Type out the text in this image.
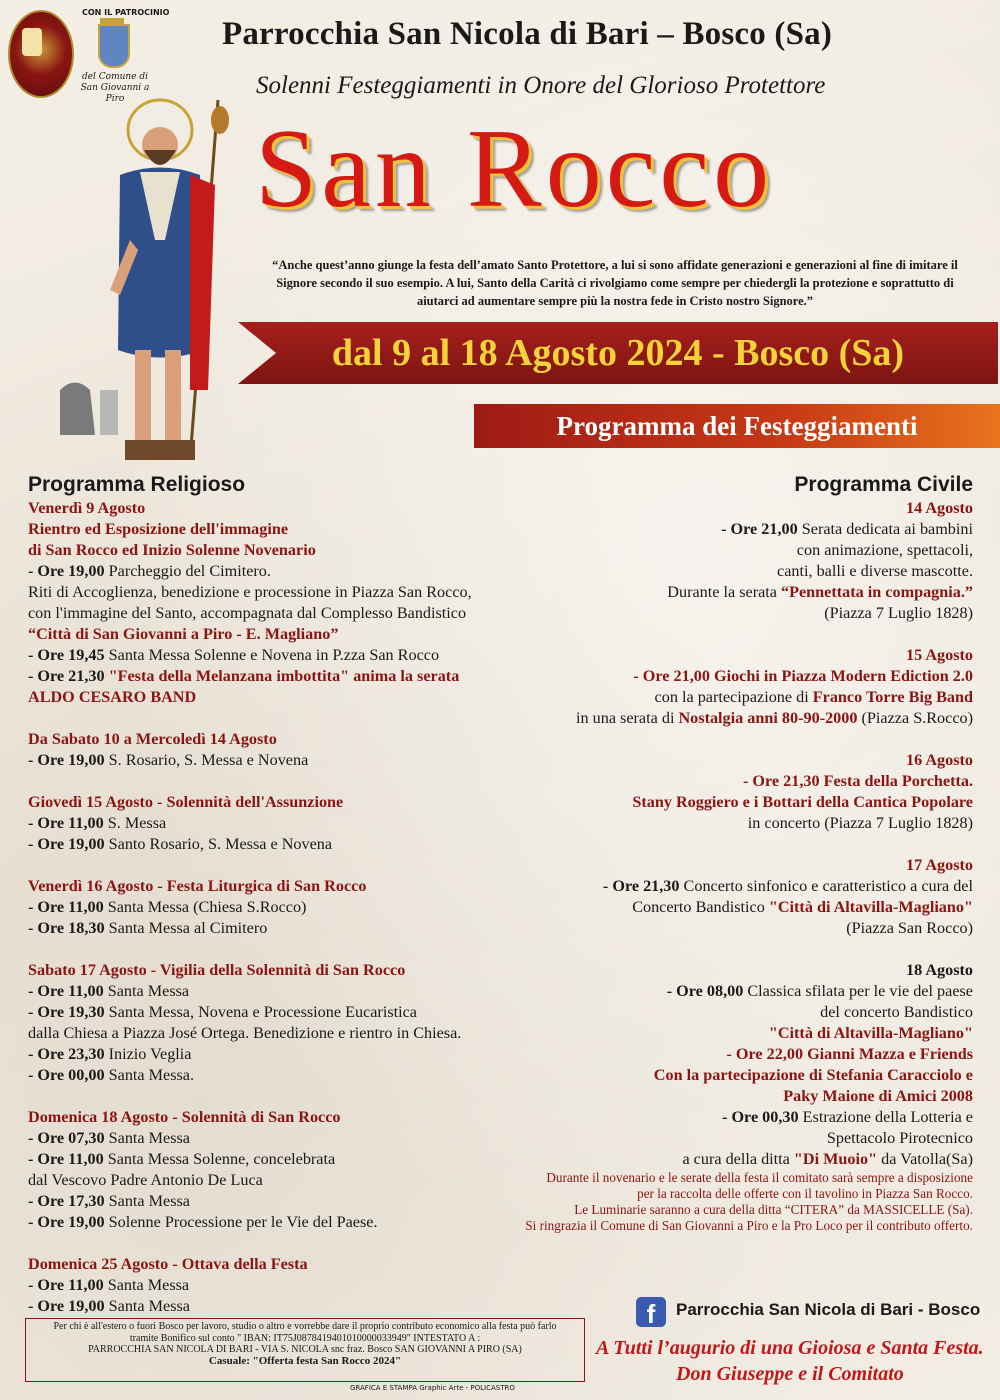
CON IL PATROCINIO
del Comune di San Giovanni a Piro
Parrocchia San Nicola di Bari – Bosco (Sa)
Solenni Festeggiamenti in Onore del Glorioso Protettore
San Rocco
“Anche quest’anno giunge la festa dell’amato Santo Protettore, a lui si sono affidate generazioni e generazioni al fine di imitare il Signore secondo il suo esempio. A lui, Santo della Carità ci rivolgiamo come sempre per chiedergli la protezione e soprattutto di aiutarci ad aumentare sempre più la nostra fede in Cristo nostro Signore.”
dal 9 al 18 Agosto 2024 - Bosco (Sa)
Programma dei Festeggiamenti
Programma Religioso
Venerdì 9 Agosto
Rientro ed Esposizione dell'immagine
di San Rocco ed Inizio Solenne Novenario
- Ore 19,00 Parcheggio del Cimitero.
Riti di Accoglienza, benedizione e processione in Piazza San Rocco,
con l'immagine del Santo, accompagnata dal Complesso Bandistico
“Città di San Giovanni a Piro - E. Magliano”
- Ore 19,45 Santa Messa Solenne e Novena in P.zza San Rocco
- Ore 21,30 "Festa della Melanzana imbottita" anima la serata
ALDO CESARO BAND
Da Sabato 10 a Mercoledì 14 Agosto
- Ore 19,00 S. Rosario, S. Messa e Novena
Giovedì 15 Agosto - Solennità dell'Assunzione
- Ore 11,00 S. Messa
- Ore 19,00 Santo Rosario, S. Messa e Novena
Venerdì 16 Agosto - Festa Liturgica di San Rocco
- Ore 11,00 Santa Messa (Chiesa S.Rocco)
- Ore 18,30 Santa Messa al Cimitero
Sabato 17 Agosto - Vigilia della Solennità di San Rocco
- Ore 11,00 Santa Messa
- Ore 19,30 Santa Messa, Novena e Processione Eucaristica
dalla Chiesa a Piazza José Ortega. Benedizione e rientro in Chiesa.
- Ore 23,30 Inizio Veglia
- Ore 00,00 Santa Messa.
Domenica 18 Agosto - Solennità di San Rocco
- Ore 07,30 Santa Messa
- Ore 11,00 Santa Messa Solenne, concelebrata
dal Vescovo Padre Antonio De Luca
- Ore 17,30 Santa Messa
- Ore 19,00 Solenne Processione per le Vie del Paese.
Domenica 25 Agosto - Ottava della Festa
- Ore 11,00 Santa Messa
- Ore 19,00 Santa Messa
Programma Civile
14 Agosto
- Ore 21,00 Serata dedicata ai bambini
con animazione, spettacoli,
canti, balli e diverse mascotte.
Durante la serata “Pennettata in compagnia.”
(Piazza 7 Luglio 1828)
15 Agosto
- Ore 21,00 Giochi in Piazza Modern Ediction 2.0
con la partecipazione di Franco Torre Big Band
in una serata di Nostalgia anni 80-90-2000 (Piazza S.Rocco)
16 Agosto
- Ore 21,30 Festa della Porchetta.
Stany Roggiero e i Bottari della Cantica Popolare
in concerto (Piazza 7 Luglio 1828)
17 Agosto
- Ore 21,30 Concerto sinfonico e caratteristico a cura del
Concerto Bandistico "Città di Altavilla-Magliano"
(Piazza San Rocco)
18 Agosto
- Ore 08,00 Classica sfilata per le vie del paese
del concerto Bandistico
"Città di Altavilla-Magliano"
- Ore 22,00 Gianni Mazza e Friends
Con la partecipazione di Stefania Caracciolo e
Paky Maione di Amici 2008
- Ore 00,30 Estrazione della Lotteria e
Spettacolo Pirotecnico
a cura della ditta "Di Muoio" da Vatolla(Sa)
Durante il novenario e le serate della festa il comitato sarà sempre a disposizione
per la raccolta delle offerte con il tavolino in Piazza San Rocco.
Le Luminarie saranno a cura della ditta “CITERA” da MASSICELLE (Sa).
Si ringrazia il Comune di San Giovanni a Piro e la Pro Loco per il contributo offerto.
Per chi è all'estero o fuori Bosco per lavoro, studio o altro e vorrebbe dare il proprio contributo economico alla festa può farlo
tramite Bonifico sul conto " IBAN: IT75J0878419401010000033949" INTESTATO A :
PARROCCHIA SAN NICOLA DI BARI - VIA S. NICOLA snc fraz. Bosco SAN GIOVANNI A PIRO (SA)
Casuale: "Offerta festa San Rocco 2024"
GRAFICA E STAMPA Graphic Arte - POLICASTRO
f	Parrocchia San Nicola di Bari - Bosco
A Tutti l’augurio di una Gioiosa e Santa Festa.
Don Giuseppe e il Comitato
